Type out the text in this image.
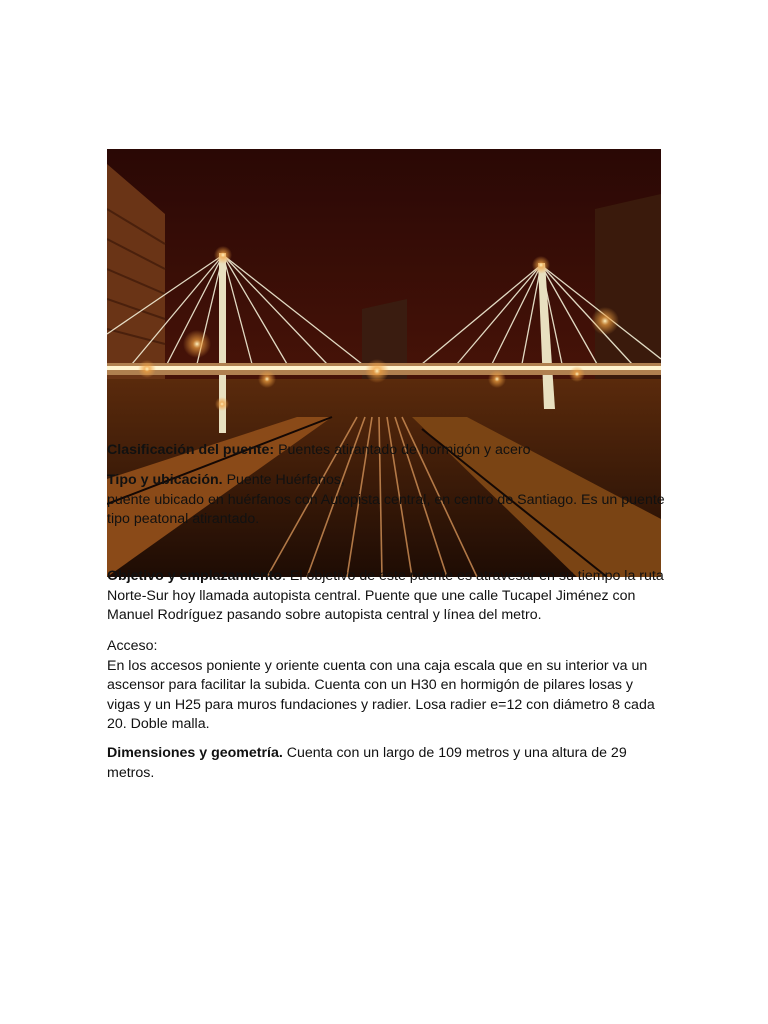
Clasificación del puente: Puentes atirantado de hormigón y acero

Tipo y ubicación. Puente Huérfanos,

puente ubicado en huérfanos con Autopista central, en centro de Santiago. Es un puente tipo peatonal atirantado.

Objetivo y emplazamiento. El objetivo de este puente es atravesar en su tiempo la ruta Norte-Sur hoy llamada autopista central. Puente que une calle Tucapel Jiménez con Manuel Rodríguez pasando sobre autopista central y línea del metro.

Acceso:

En los accesos poniente y oriente cuenta con una caja escala que en su interior va un ascensor para facilitar la subida. Cuenta con un H30 en hormigón de pilares losas y vigas y un H25 para muros fundaciones y radier. Losa radier e=12 con diámetro 8 cada 20. Doble malla.

Dimensiones y geometría. Cuenta con un largo de 109 metros y una altura de 29 metros.
